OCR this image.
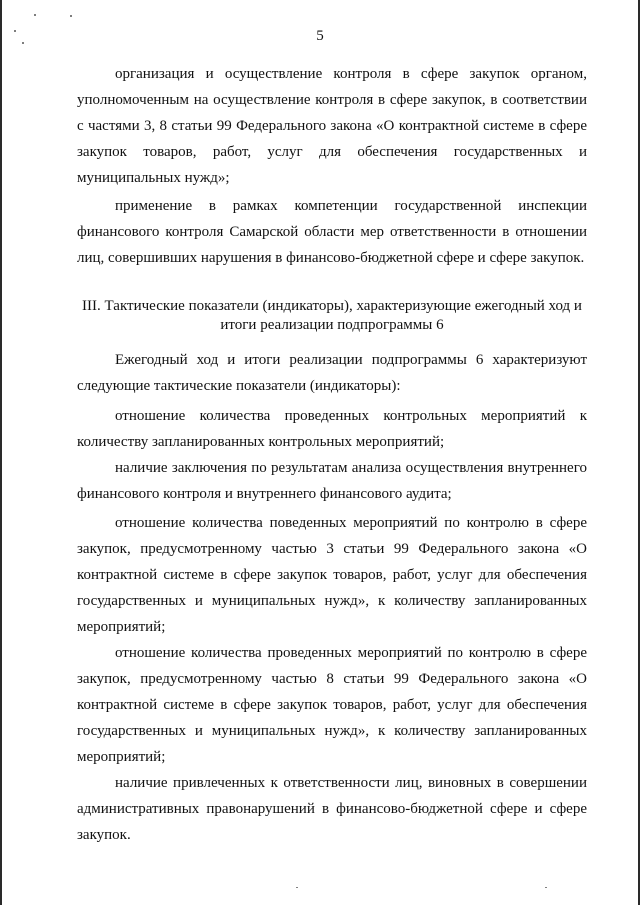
5

организация и осуществление контроля в сфере закупок органом, уполномоченным на осуществление контроля в сфере закупок, в соответствии с частями 3, 8 статьи 99 Федерального закона «О контрактной системе в сфере закупок товаров, работ, услуг для обеспечения государственных и муниципальных нужд»;

применение в рамках компетенции государственной инспекции финансового контроля Самарской области мер ответственности в отношении лиц, совершивших нарушения в финансово-бюджетной сфере и сфере закупок.

III. Тактические показатели (индикаторы), характеризующие ежегодный ход и итоги реализации подпрограммы 6

Ежегодный ход и итоги реализации подпрограммы 6 характеризуют следующие тактические показатели (индикаторы):

отношение количества проведенных контрольных мероприятий к количеству запланированных контрольных мероприятий;

наличие заключения по результатам анализа осуществления внутреннего финансового контроля и внутреннего финансового аудита;

отношение количества поведенных мероприятий по контролю в сфере закупок, предусмотренному частью 3 статьи 99 Федерального закона «О контрактной системе в сфере закупок товаров, работ, услуг для обеспечения государственных и муниципальных нужд», к количеству запланированных мероприятий;

отношение количества проведенных мероприятий по контролю в сфере закупок, предусмотренному частью 8 статьи 99 Федерального закона «О контрактной системе в сфере закупок товаров, работ, услуг для обеспечения государственных и муниципальных нужд», к количеству запланированных мероприятий;

наличие привлеченных к ответственности лиц, виновных в совершении административных правонарушений в финансово-бюджетной сфере и сфере закупок.
